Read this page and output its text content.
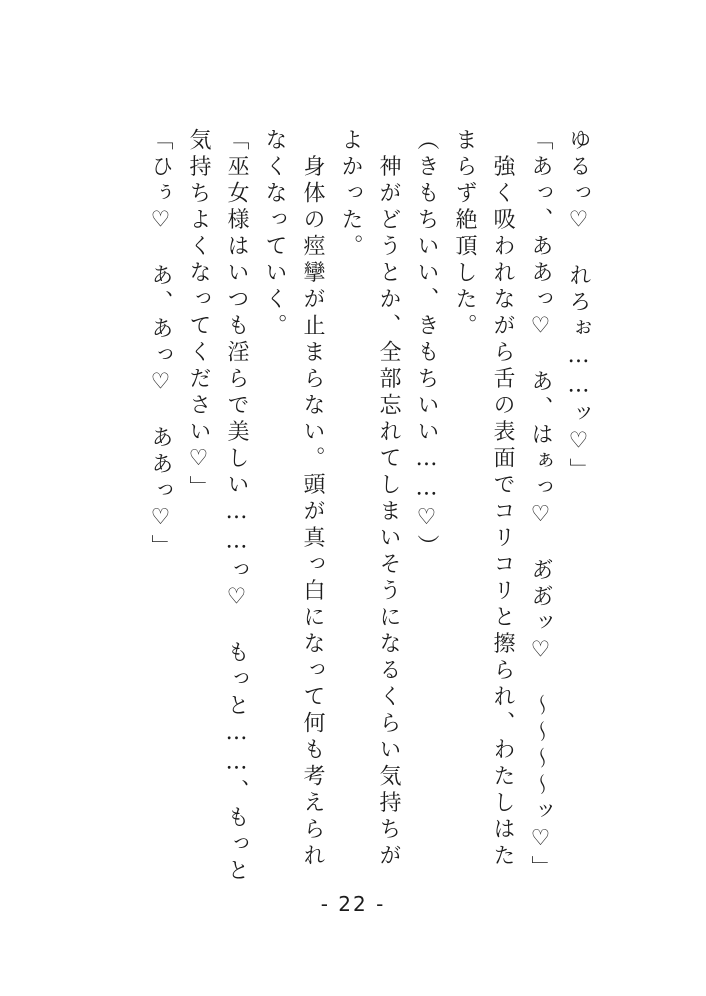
ゆるっ♡　れろぉ……ッ♡」

「あっ、ああっ♡　あ、はぁっ♡　あ゙あ゙ッ♡　〜〜〜〜ッ♡」

　強く吸われながら舌の表面でコリコリと擦られ、わたしはた

まらず絶頂した。

（きもちいい、きもちいい……♡）

　神がどうとか、全部忘れてしまいそうになるくらい気持ちが

よかった。

　身体の痙攣が止まらない。頭が真っ白になって何も考えられ

なくなっていく。

「巫女様はいつも淫らで美しい……っ♡　もっと……、もっと

気持ちよくなってください♡」

「ひぅ♡　あ、あっ♡　ああっ♡」

- 22 -
